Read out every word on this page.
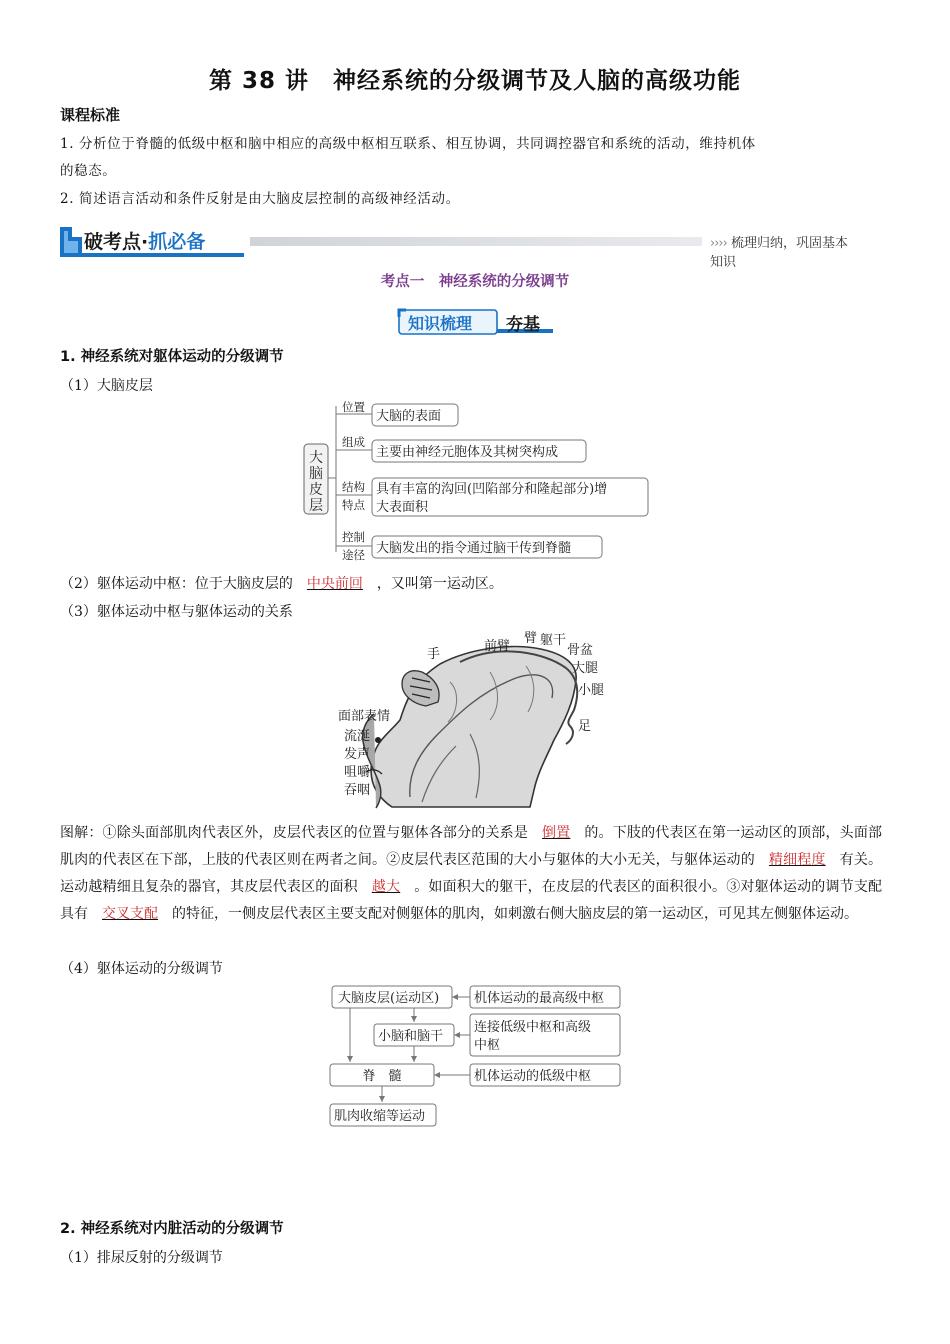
第 38 讲　神经系统的分级调节及人脑的高级功能
课程标准
1. 分析位于脊髓的低级中枢和脑中相应的高级中枢相互联系、相互协调，共同调控器官和系统的活动，维持机体
的稳态。
2. 简述语言活动和条件反射是由大脑皮层控制的高级神经活动。
破考点·抓必备	›››› 梳理归纳，巩固基本知识
考点一　神经系统的分级调节
知识梳理 夯基
1. 神经系统对躯体运动的分级调节
（1）大脑皮层
大
脑
皮
层
位置
组成
结构
特点
控制
途径
大脑的表面
主要由神经元胞体及其树突构成
具有丰富的沟回(凹陷部分和隆起部分)增
大表面积
大脑发出的指令通过脑干传到脊髓
（2）躯体运动中枢：位于大脑皮层的 中央前回 ，又叫第一运动区。
（3）躯体运动中枢与躯体运动的关系
手
前臂
臂 躯干
骨盆
大腿
小腿
足
面部表情
流涎
发声
咀嚼
吞咽
图解：①除头面部肌肉代表区外，皮层代表区的位置与躯体各部分的关系是 倒置 的。下肢的代表区在第一运动区的顶部，头面部肌肉的代表区在下部，上肢的代表区则在两者之间。②皮层代表区范围的大小与躯体的大小无关，与躯体运动的 精细程度 有关。运动越精细且复杂的器官，其皮层代表区的面积 越大 。如面积大的躯干，在皮层的代表区的面积很小。③对躯体运动的调节支配具有 交叉支配 的特征，一侧皮层代表区主要支配对侧躯体的肌肉，如刺激右侧大脑皮层的第一运动区，可见其左侧躯体运动。
（4）躯体运动的分级调节
大脑皮层(运动区)	机体运动的最高级中枢
小脑和脑干
连接低级中枢和高级
中枢
脊　髓	机体运动的低级中枢
肌肉收缩等运动
2. 神经系统对内脏活动的分级调节
（1）排尿反射的分级调节
